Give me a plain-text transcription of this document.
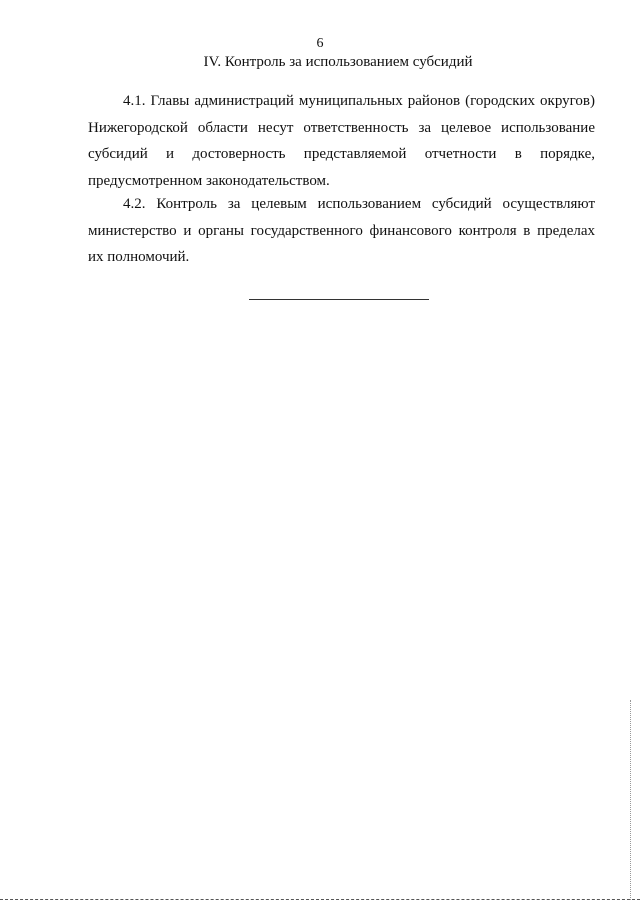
6
IV. Контроль за использованием субсидий
4.1. Главы администраций муниципальных районов (городских округов)
Нижегородской области несут ответственность за целевое использование
субсидий и достоверность представляемой отчетности в порядке,
предусмотренном законодательством.
4.2. Контроль за целевым использованием субсидий осуществляют
министерство и органы государственного финансового контроля в пределах
их полномочий.
